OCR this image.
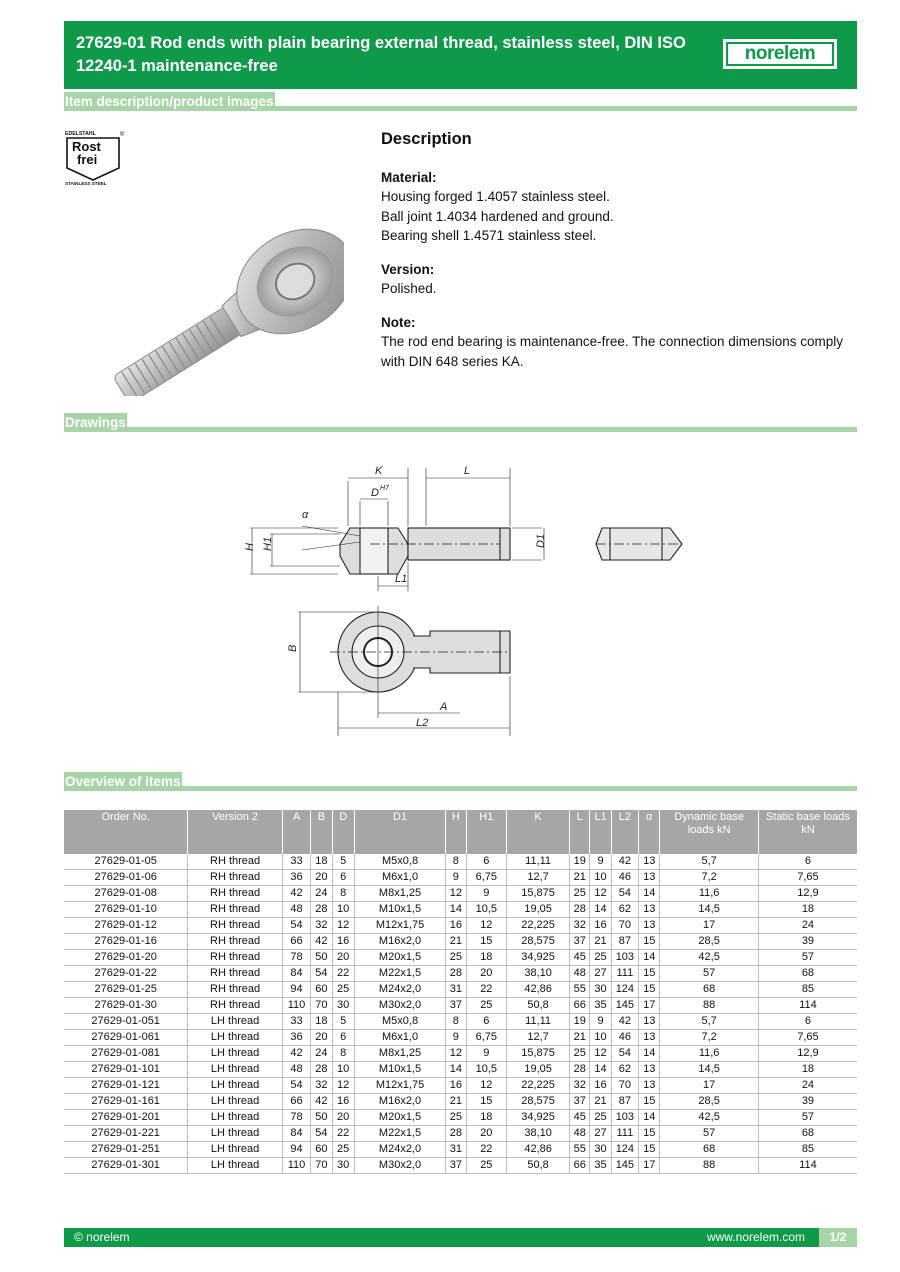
27629-01 Rod ends with plain bearing external thread, stainless steel, DIN ISO 12240-1 maintenance-free
norelem
Item description/product images
EDELSTAHL	®
Rost
frei
STAINLESS STEEL
Description
Material:
Housing forged 1.4057 stainless steel.
Ball joint 1.4034 hardened and ground.
Bearing shell 1.4571 stainless steel.
Version:
Polished.
Note:
The rod end bearing is maintenance-free. The connection dimensions comply with DIN 648 series KA.
Drawings
K	L
D H7
α
H H1	D1
L1
B
A
L2
Overview of items
Order No.	Version 2	A	B	D	D1	H	H1	K	L	L1	L2	α	Dynamic base loads kN	Static base loads kN
27629-01-05	RH thread	33	18	5	M5x0,8	8	6	11,11	19	9	42	13	5,7	6
27629-01-06	RH thread	36	20	6	M6x1,0	9	6,75	12,7	21	10	46	13	7,2	7,65
27629-01-08	RH thread	42	24	8	M8x1,25	12	9	15,875	25	12	54	14	11,6	12,9
27629-01-10	RH thread	48	28	10	M10x1,5	14	10,5	19,05	28	14	62	13	14,5	18
27629-01-12	RH thread	54	32	12	M12x1,75	16	12	22,225	32	16	70	13	17	24
27629-01-16	RH thread	66	42	16	M16x2,0	21	15	28,575	37	21	87	15	28,5	39
27629-01-20	RH thread	78	50	20	M20x1,5	25	18	34,925	45	25	103	14	42,5	57
27629-01-22	RH thread	84	54	22	M22x1,5	28	20	38,10	48	27	111	15	57	68
27629-01-25	RH thread	94	60	25	M24x2,0	31	22	42,86	55	30	124	15	68	85
27629-01-30	RH thread	110	70	30	M30x2,0	37	25	50,8	66	35	145	17	88	114
27629-01-051	LH thread	33	18	5	M5x0,8	8	6	11,11	19	9	42	13	5,7	6
27629-01-061	LH thread	36	20	6	M6x1,0	9	6,75	12,7	21	10	46	13	7,2	7,65
27629-01-081	LH thread	42	24	8	M8x1,25	12	9	15,875	25	12	54	14	11,6	12,9
27629-01-101	LH thread	48	28	10	M10x1,5	14	10,5	19,05	28	14	62	13	14,5	18
27629-01-121	LH thread	54	32	12	M12x1,75	16	12	22,225	32	16	70	13	17	24
27629-01-161	LH thread	66	42	16	M16x2,0	21	15	28,575	37	21	87	15	28,5	39
27629-01-201	LH thread	78	50	20	M20x1,5	25	18	34,925	45	25	103	14	42,5	57
27629-01-221	LH thread	84	54	22	M22x1,5	28	20	38,10	48	27	111	15	57	68
27629-01-251	LH thread	94	60	25	M24x2,0	31	22	42,86	55	30	124	15	68	85
27629-01-301	LH thread	110	70	30	M30x2,0	37	25	50,8	66	35	145	17	88	114
© norelem	www.norelem.com	1/2
